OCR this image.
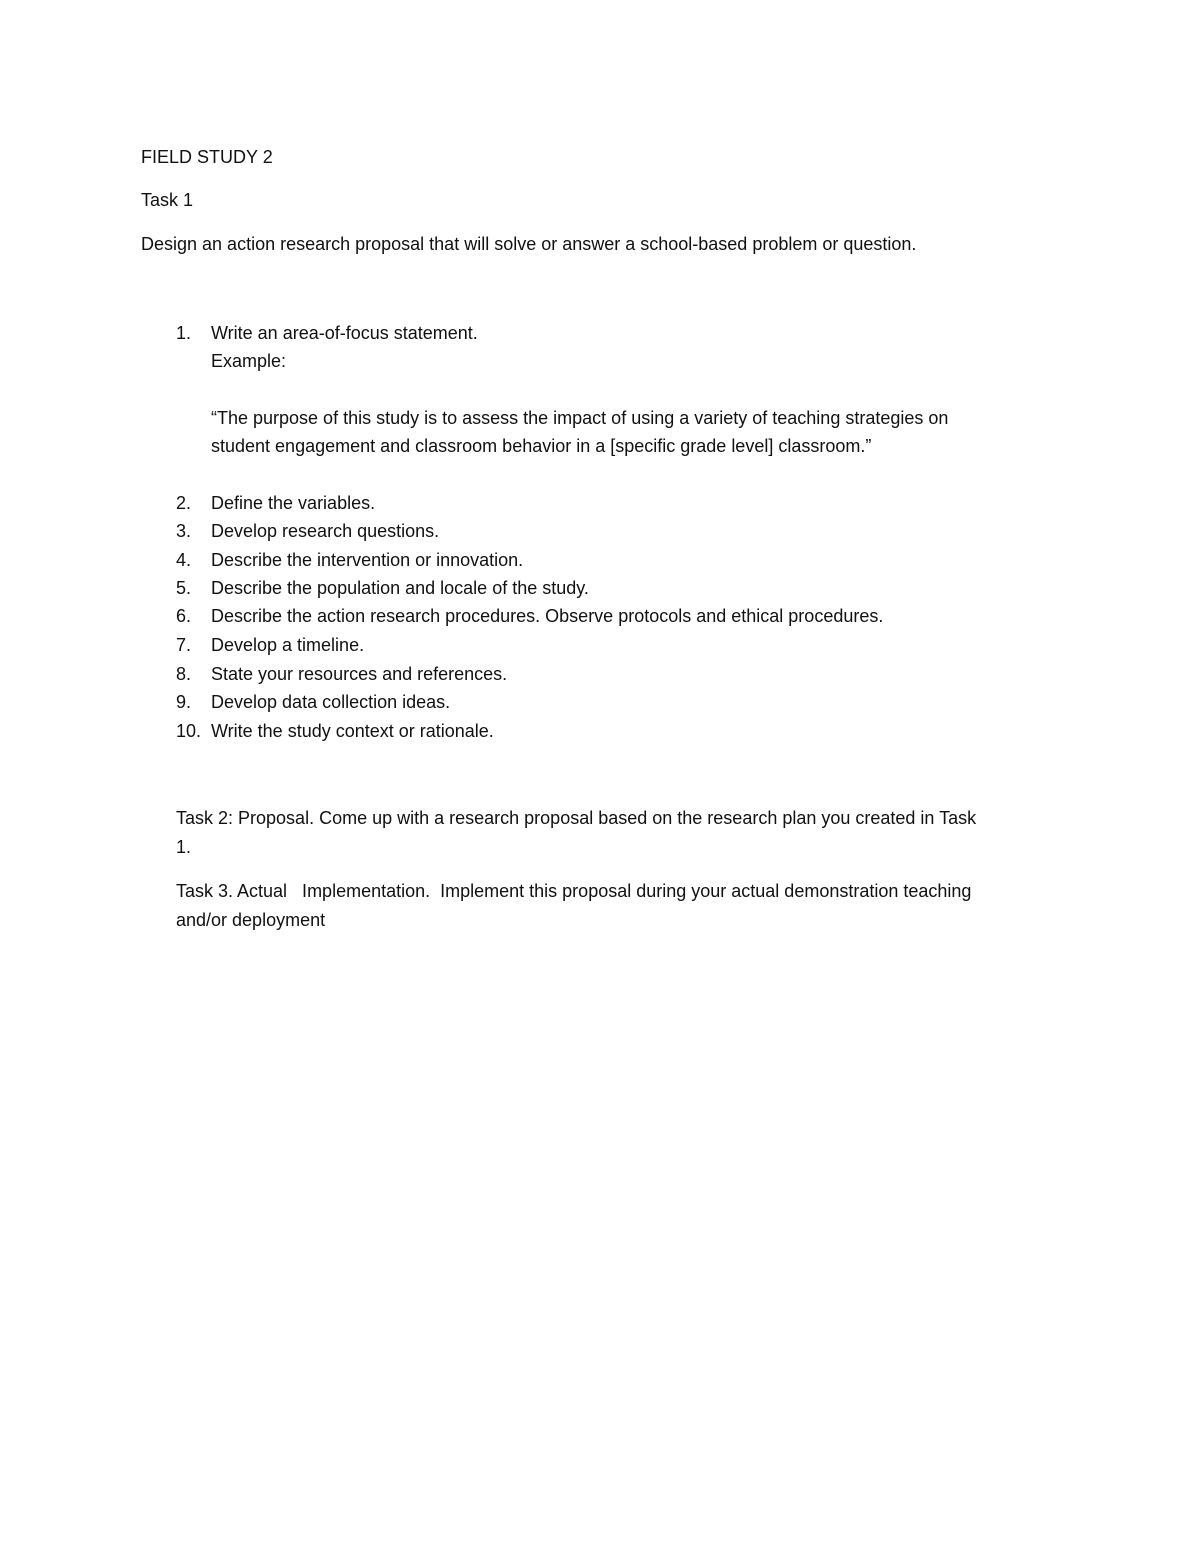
FIELD STUDY 2
Task 1
Design an action research proposal that will solve or answer a school-based problem or question.
1.	Write an area-of-focus statement.
Example:
“The purpose of this study is to assess the impact of using a variety of teaching strategies on
student engagement and classroom behavior in a [specific grade level] classroom.”
2.	Define the variables.
3.	Develop research questions.
4.	Describe the intervention or innovation.
5.	Describe the population and locale of the study.
6.	Describe the action research procedures. Observe protocols and ethical procedures.
7.	Develop a timeline.
8.	State your resources and references.
9.	Develop data collection ideas.
10. Write the study context or rationale.
Task 2: Proposal. Come up with a research proposal based on the research plan you created in Task
1.
Task 3. Actual   Implementation.  Implement this proposal during your actual demonstration teaching
and/or deployment
